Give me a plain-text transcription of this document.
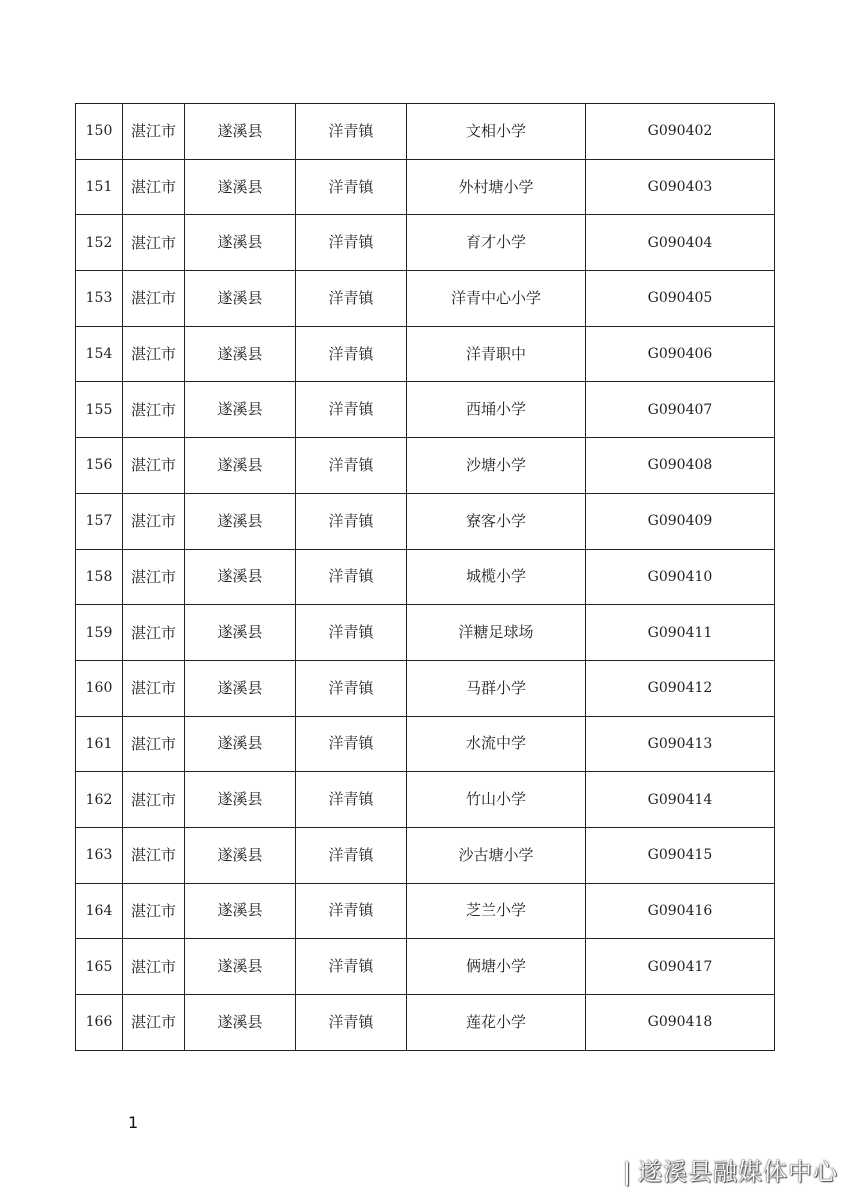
150	湛江市	遂溪县	洋青镇	文相小学	G090402
151	湛江市	遂溪县	洋青镇	外村塘小学	G090403
152	湛江市	遂溪县	洋青镇	育才小学	G090404
153	湛江市	遂溪县	洋青镇	洋青中心小学	G090405
154	湛江市	遂溪县	洋青镇	洋青职中	G090406
155	湛江市	遂溪县	洋青镇	西埇小学	G090407
156	湛江市	遂溪县	洋青镇	沙塘小学	G090408
157	湛江市	遂溪县	洋青镇	寮客小学	G090409
158	湛江市	遂溪县	洋青镇	城榄小学	G090410
159	湛江市	遂溪县	洋青镇	洋糖足球场	G090411
160	湛江市	遂溪县	洋青镇	马群小学	G090412
161	湛江市	遂溪县	洋青镇	水流中学	G090413
162	湛江市	遂溪县	洋青镇	竹山小学	G090414
163	湛江市	遂溪县	洋青镇	沙古塘小学	G090415
164	湛江市	遂溪县	洋青镇	芝兰小学	G090416
165	湛江市	遂溪县	洋青镇	俩塘小学	G090417
166	湛江市	遂溪县	洋青镇	莲花小学	G090418
1
| 遂溪县融媒体中心
